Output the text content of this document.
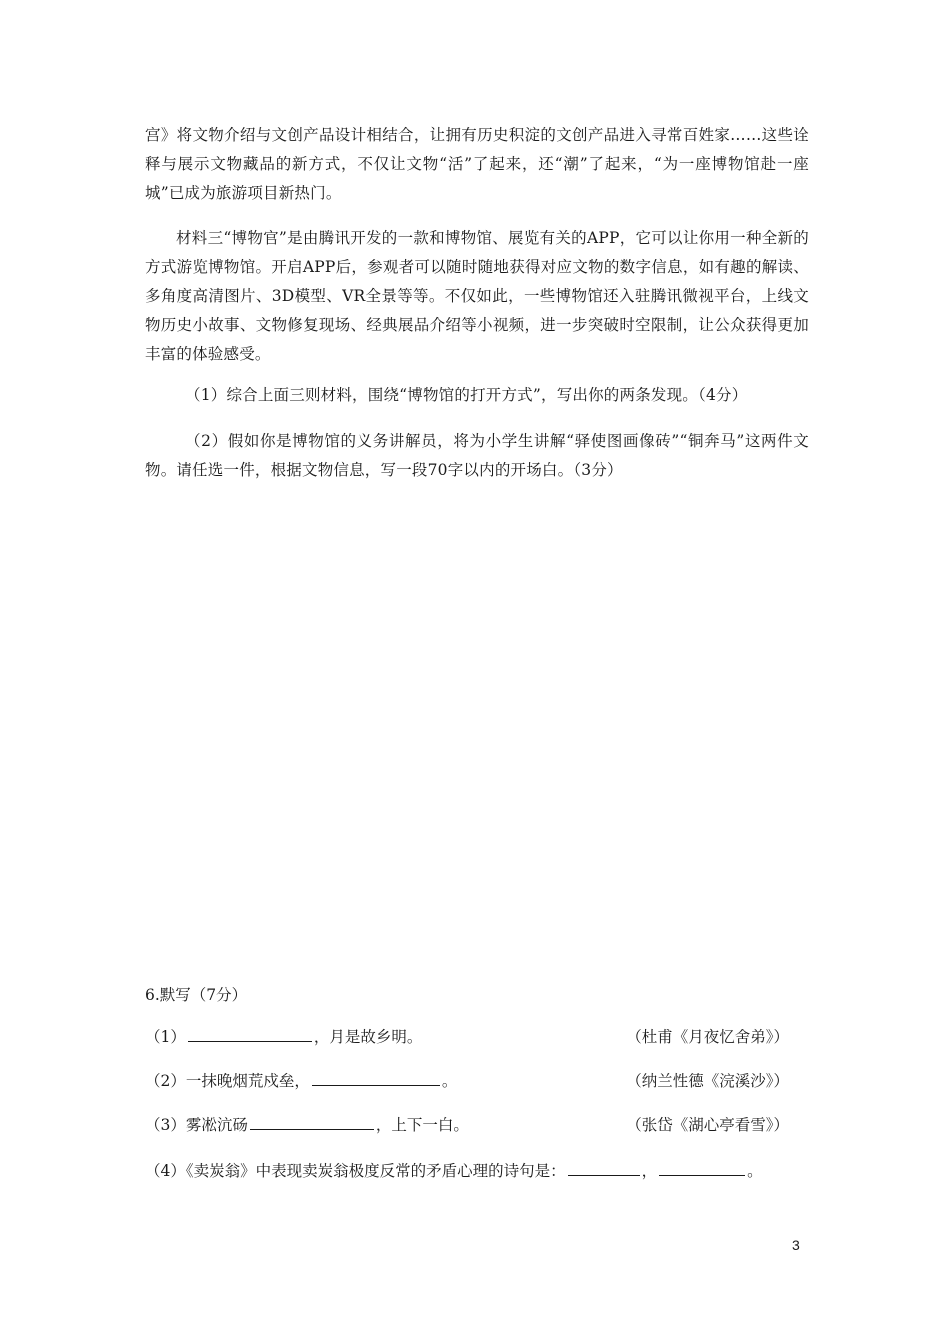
宫》将文物介绍与文创产品设计相结合，让拥有历史积淀的文创产品进入寻常百姓家……这些诠释与展示文物藏品的新方式，不仅让文物“活”了起来，还“潮”了起来，“为一座博物馆赴一座城”已成为旅游项目新热门。

材料三“博物官”是由腾讯开发的一款和博物馆、展览有关的APP，它可以让你用一种全新的方式游览博物馆。开启APP后，参观者可以随时随地获得对应文物的数字信息，如有趣的解读、多角度高清图片、3D模型、VR全景等等。不仅如此，一些博物馆还入驻腾讯微视平台，上线文物历史小故事、文物修复现场、经典展品介绍等小视频，进一步突破时空限制，让公众获得更加丰富的体验感受。

（1）综合上面三则材料，围绕“博物馆的打开方式”，写出你的两条发现。（4分）

（2）假如你是博物馆的义务讲解员，将为小学生讲解“驿使图画像砖”“铜奔马”这两件文物。请任选一件，根据文物信息，写一段70字以内的开场白。（3分）

6.默写（7分）
（1）	，月是故乡明。	（杜甫《月夜忆舍弟》）
（2）一抹晚烟荒戍垒，	。	（纳兰性德《浣溪沙》）
（3）雾凇沆砀	，上下一白。	（张岱《湖心亭看雪》）
（4）《卖炭翁》中表现卖炭翁极度反常的矛盾心理的诗句是：	，	。
3
